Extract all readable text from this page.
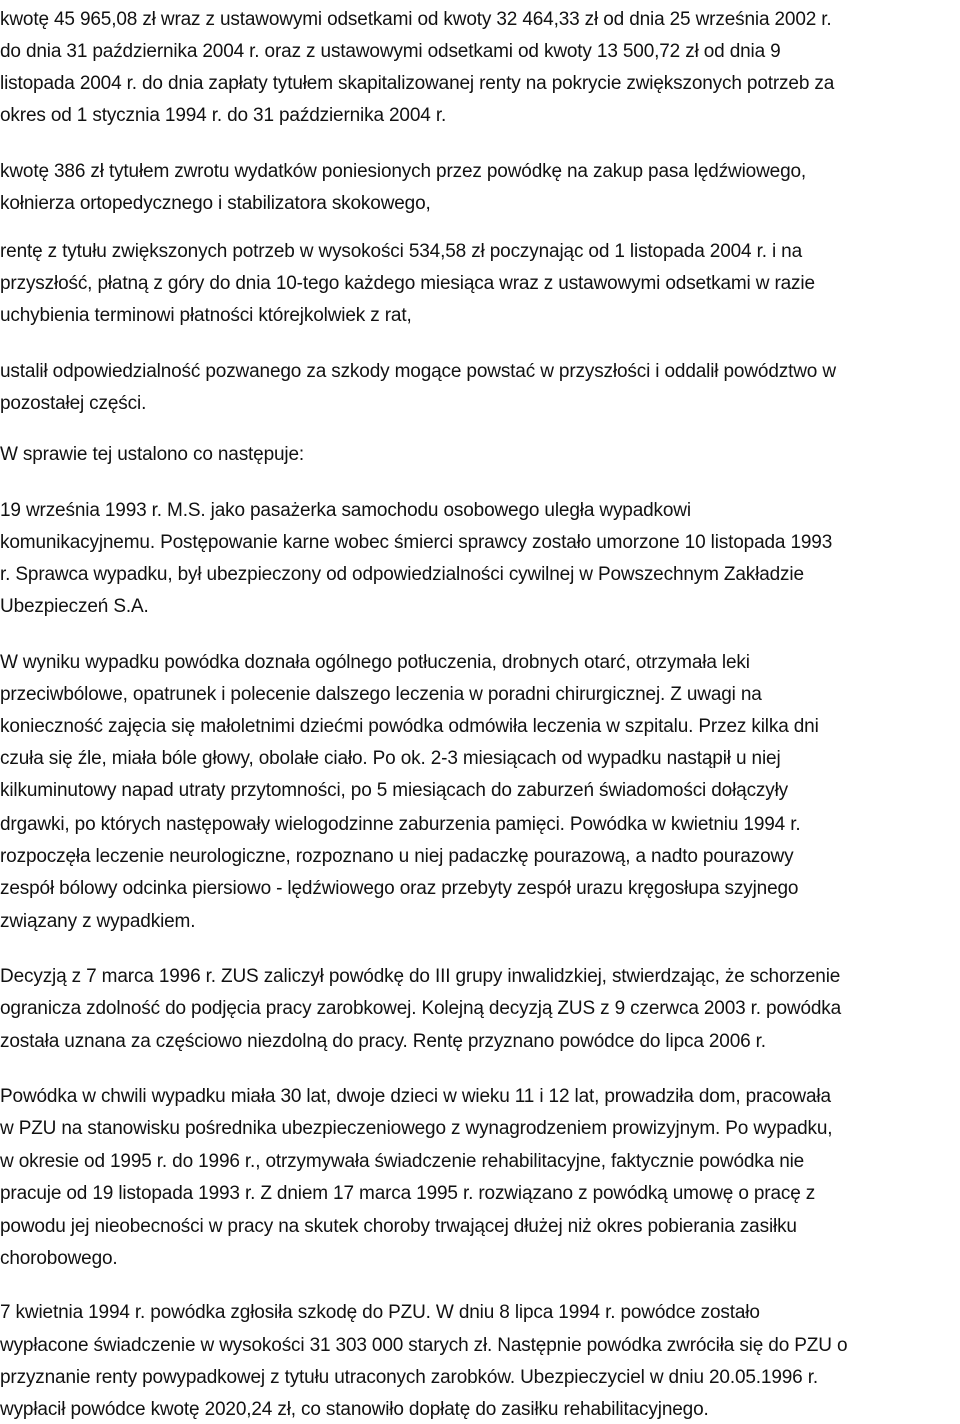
kwotę 45 965,08 zł wraz z ustawowymi odsetkami od kwoty 32 464,33 zł od dnia 25 września 2002 r.
do dnia 31 października 2004 r. oraz z ustawowymi odsetkami od kwoty 13 500,72 zł od dnia 9
listopada 2004 r. do dnia zapłaty tytułem skapitalizowanej renty na pokrycie zwiększonych potrzeb za
okres od 1 stycznia 1994 r. do 31 października 2004 r.
kwotę 386 zł tytułem zwrotu wydatków poniesionych przez powódkę na zakup pasa lędźwiowego,
kołnierza ortopedycznego i stabilizatora skokowego,
rentę z tytułu zwiększonych potrzeb w wysokości 534,58 zł poczynając od 1 listopada 2004 r. i na
przyszłość, płatną z góry do dnia 10-tego każdego miesiąca wraz z ustawowymi odsetkami w razie
uchybienia terminowi płatności którejkolwiek z rat,
ustalił odpowiedzialność pozwanego za szkody mogące powstać w przyszłości i oddalił powództwo w
pozostałej części.
W sprawie tej ustalono co następuje:
19 września 1993 r. M.S. jako pasażerka samochodu osobowego uległa wypadkowi
komunikacyjnemu. Postępowanie karne wobec śmierci sprawcy zostało umorzone 10 listopada 1993
r. Sprawca wypadku, był ubezpieczony od odpowiedzialności cywilnej w Powszechnym Zakładzie
Ubezpieczeń S.A.
W wyniku wypadku powódka doznała ogólnego potłuczenia, drobnych otarć, otrzymała leki
przeciwbólowe, opatrunek i polecenie dalszego leczenia w poradni chirurgicznej. Z uwagi na
konieczność zajęcia się małoletnimi dziećmi powódka odmówiła leczenia w szpitalu. Przez kilka dni
czuła się źle, miała bóle głowy, obolałe ciało. Po ok. 2-3 miesiącach od wypadku nastąpił u niej
kilkuminutowy napad utraty przytomności, po 5 miesiącach do zaburzeń świadomości dołączyły
drgawki, po których następowały wielogodzinne zaburzenia pamięci. Powódka w kwietniu 1994 r.
rozpoczęła leczenie neurologiczne, rozpoznano u niej padaczkę pourazową, a nadto pourazowy
zespół bólowy odcinka piersiowo - lędźwiowego oraz przebyty zespół urazu kręgosłupa szyjnego
związany z wypadkiem.
Decyzją z 7 marca 1996 r. ZUS zaliczył powódkę do III grupy inwalidzkiej, stwierdzając, że schorzenie
ogranicza zdolność do podjęcia pracy zarobkowej. Kolejną decyzją ZUS z 9 czerwca 2003 r. powódka
została uznana za częściowo niezdolną do pracy. Rentę przyznano powódce do lipca 2006 r.
Powódka w chwili wypadku miała 30 lat, dwoje dzieci w wieku 11 i 12 lat, prowadziła dom, pracowała
w PZU na stanowisku pośrednika ubezpieczeniowego z wynagrodzeniem prowizyjnym. Po wypadku,
w okresie od 1995 r. do 1996 r., otrzymywała świadczenie rehabilitacyjne, faktycznie powódka nie
pracuje od 19 listopada 1993 r. Z dniem 17 marca 1995 r. rozwiązano z powódką umowę o pracę z
powodu jej nieobecności w pracy na skutek choroby trwającej dłużej niż okres pobierania zasiłku
chorobowego.
7 kwietnia 1994 r. powódka zgłosiła szkodę do PZU. W dniu 8 lipca 1994 r. powódce zostało
wypłacone świadczenie w wysokości 31 303 000 starych zł. Następnie powódka zwróciła się do PZU o
przyznanie renty powypadkowej z tytułu utraconych zarobków. Ubezpieczyciel w dniu 20.05.1996 r.
wypłacił powódce kwotę 2020,24 zł, co stanowiło dopłatę do zasiłku rehabilitacyjnego.
